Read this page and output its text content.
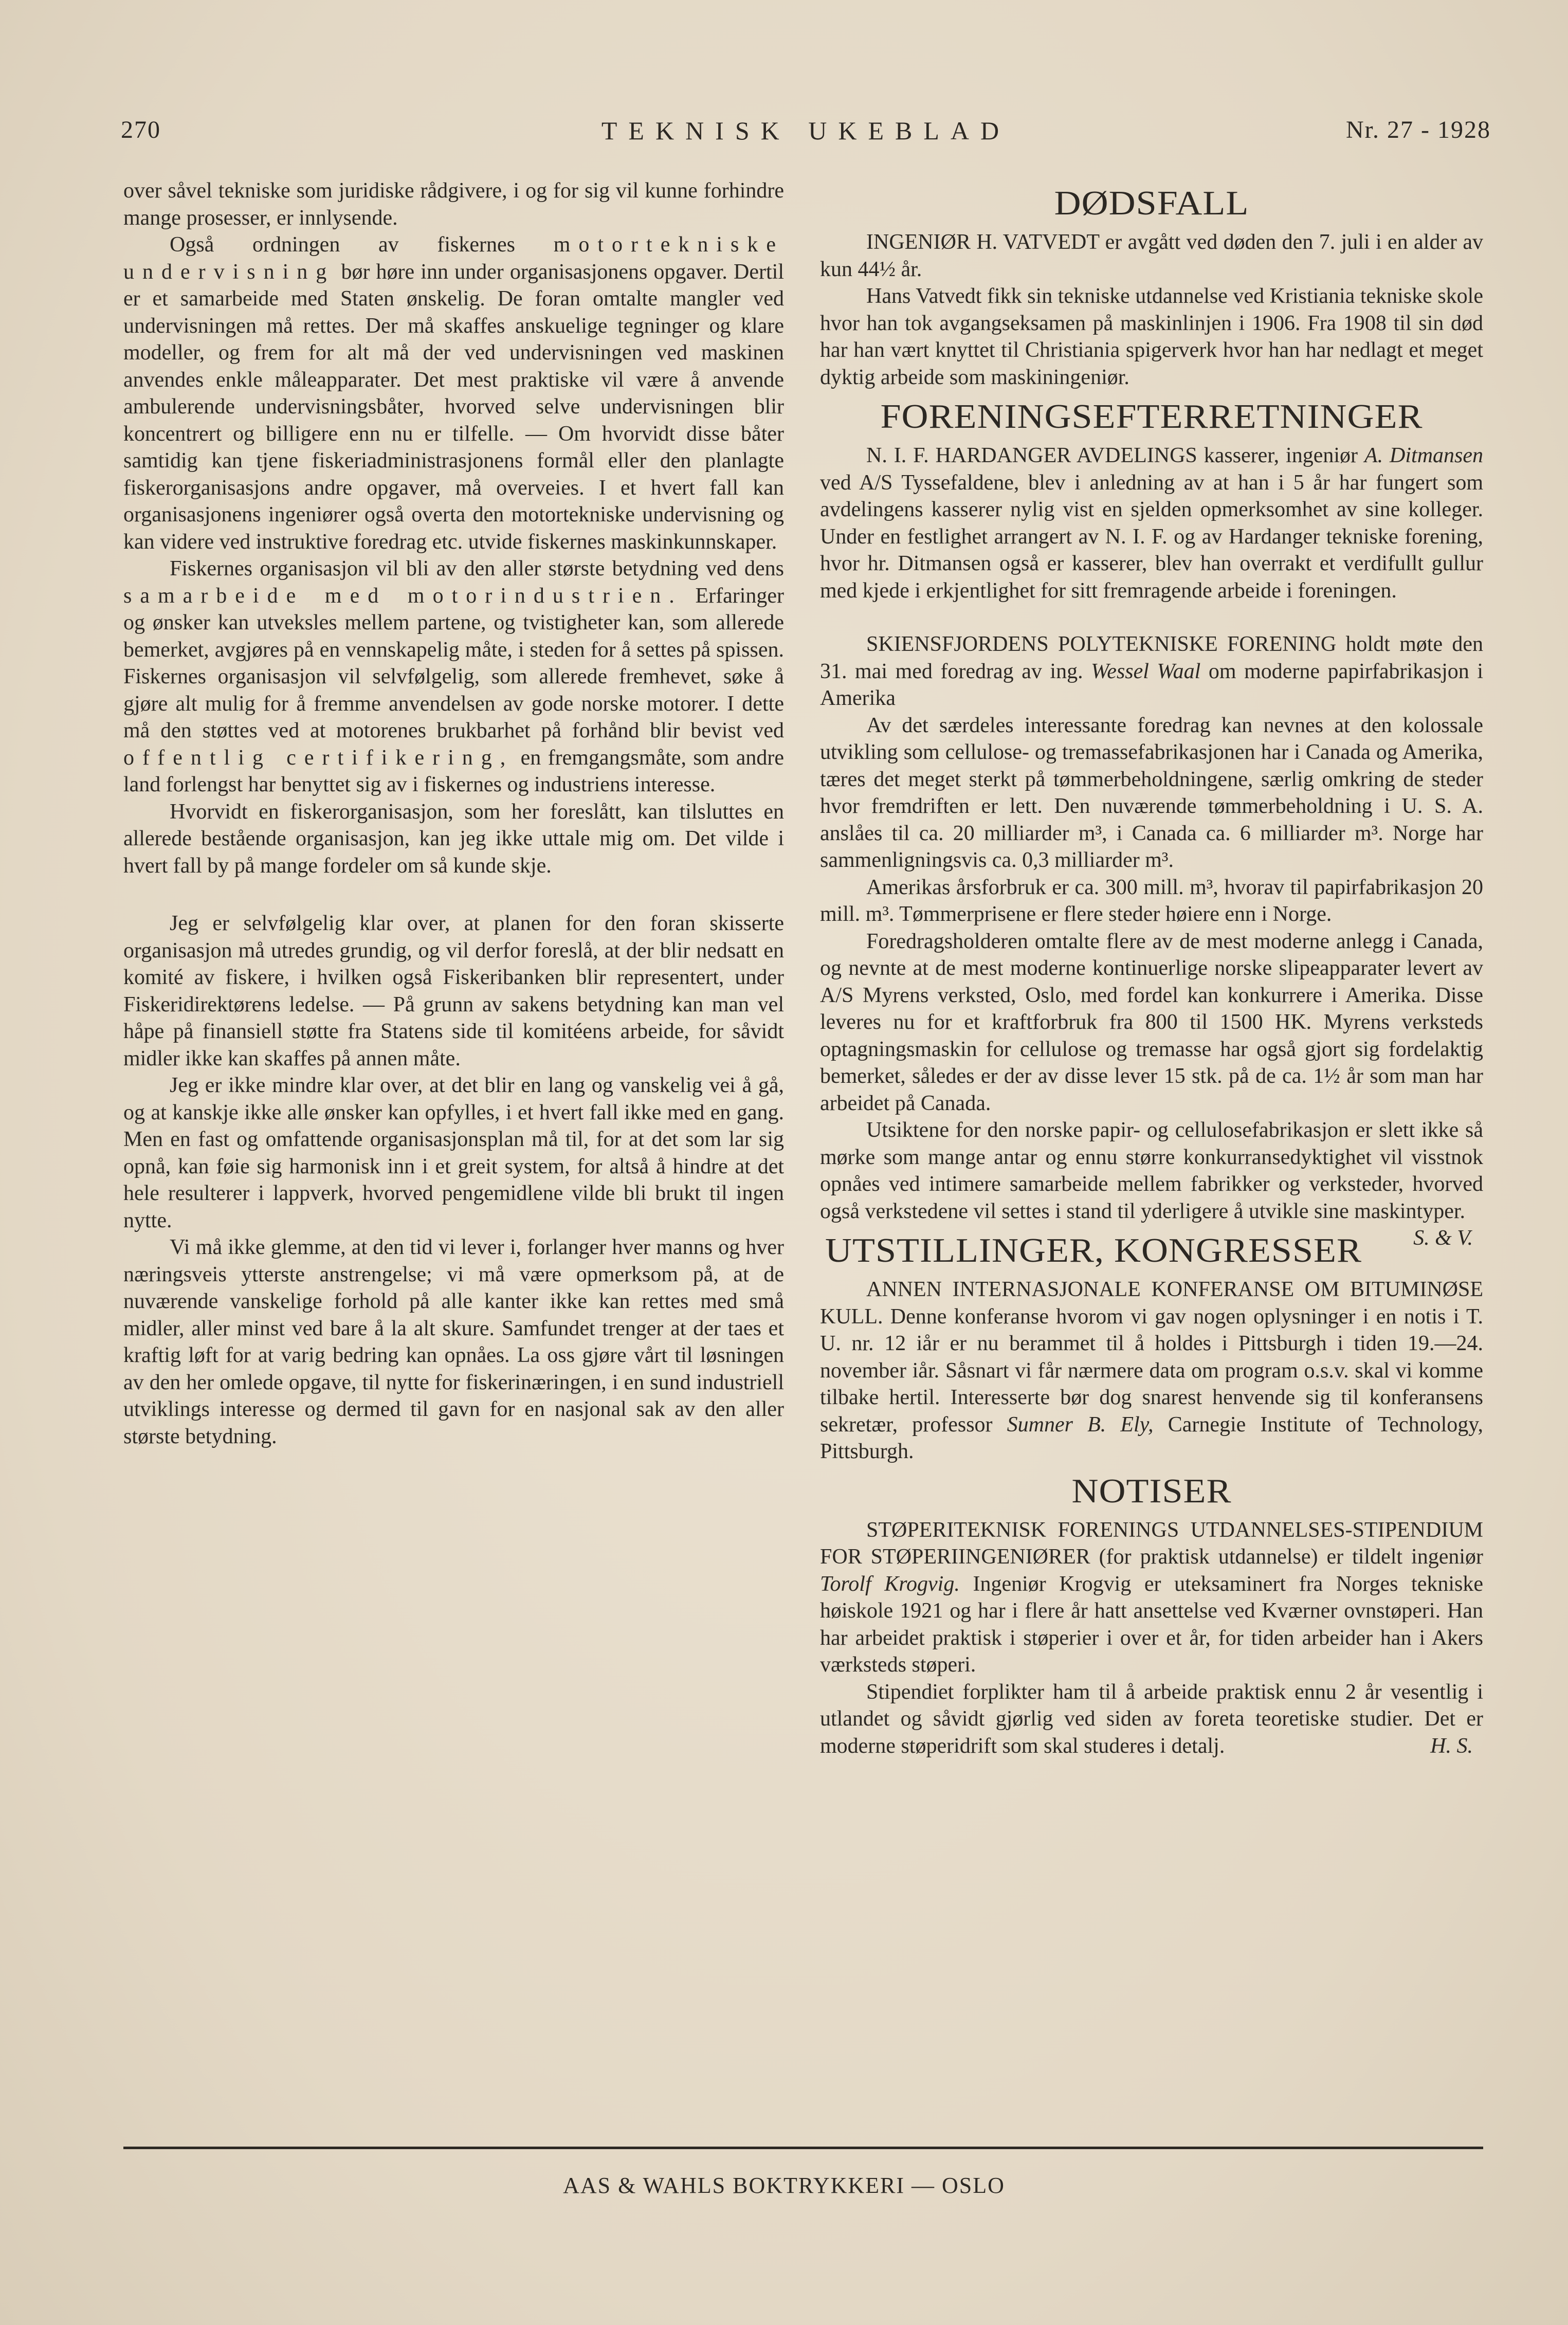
270	TEKNISK UKEBLAD	Nr. 27 - 1928

over såvel tekniske som juridiske rådgivere, i og for sig vil kunne forhindre mange prosesser, er innlysende.

Også ordningen av fiskernes motortekniske undervisning bør høre inn under organisasjonens opgaver. Dertil er et samarbeide med Staten ønskelig. De foran omtalte mangler ved undervisningen må rettes. Der må skaffes anskuelige tegninger og klare modeller, og frem for alt må der ved undervisningen ved maskinen anvendes enkle måleapparater. Det mest praktiske vil være å anvende ambulerende undervisningsbåter, hvorved selve undervisningen blir koncentrert og billigere enn nu er tilfelle. — Om hvorvidt disse båter samtidig kan tjene fiskeriadministrasjonens formål eller den planlagte fiskerorganisasjons andre opgaver, må overveies. I et hvert fall kan organisasjonens ingeniører også overta den motortekniske undervisning og kan videre ved instruktive foredrag etc. utvide fiskernes maskinkunnskaper.

Fiskernes organisasjon vil bli av den aller største betydning ved dens samarbeide med motorindustrien. Erfaringer og ønsker kan utveksles mellem partene, og tvistigheter kan, som allerede bemerket, avgjøres på en vennskapelig måte, i steden for å settes på spissen. Fiskernes organisasjon vil selvfølgelig, som allerede fremhevet, søke å gjøre alt mulig for å fremme anvendelsen av gode norske motorer. I dette må den støttes ved at motorenes brukbarhet på forhånd blir bevist ved offentlig certifikering, en fremgangsmåte, som andre land forlengst har benyttet sig av i fiskernes og industriens interesse.

Hvorvidt en fiskerorganisasjon, som her foreslått, kan tilsluttes en allerede bestående organisasjon, kan jeg ikke uttale mig om. Det vilde i hvert fall by på mange fordeler om så kunde skje.

Jeg er selvfølgelig klar over, at planen for den foran skisserte organisasjon må utredes grundig, og vil derfor foreslå, at der blir nedsatt en komité av fiskere, i hvilken også Fiskeribanken blir representert, under Fiskeridirektørens ledelse. — På grunn av sakens betydning kan man vel håpe på finansiell støtte fra Statens side til komitéens arbeide, for såvidt midler ikke kan skaffes på annen måte.

Jeg er ikke mindre klar over, at det blir en lang og vanskelig vei å gå, og at kanskje ikke alle ønsker kan opfylles, i et hvert fall ikke med en gang. Men en fast og omfattende organisasjonsplan må til, for at det som lar sig opnå, kan føie sig harmonisk inn i et greit system, for altså å hindre at det hele resulterer i lappverk, hvorved pengemidlene vilde bli brukt til ingen nytte.

Vi må ikke glemme, at den tid vi lever i, forlanger hver manns og hver næringsveis ytterste anstrengelse; vi må være opmerksom på, at de nuværende vanskelige forhold på alle kanter ikke kan rettes med små midler, aller minst ved bare å la alt skure. Samfundet trenger at der taes et kraftig løft for at varig bedring kan opnåes. La oss gjøre vårt til løsningen av den her omlede opgave, til nytte for fiskerinæringen, i en sund industriell utviklings interesse og dermed til gavn for en nasjonal sak av den aller største betydning.

DØDSFALL

INGENIØR H. VATVEDT er avgått ved døden den 7. juli i en alder av kun 44½ år.

Hans Vatvedt fikk sin tekniske utdannelse ved Kristiania tekniske skole hvor han tok avgangseksamen på maskinlinjen i 1906. Fra 1908 til sin død har han vært knyttet til Christiania spigerverk hvor han har nedlagt et meget dyktig arbeide som maskiningeniør.

FORENINGSEFTERRETNINGER

N. I. F. HARDANGER AVDELINGS kasserer, ingeniør A. Ditmansen ved A/S Tyssefaldene, blev i anledning av at han i 5 år har fungert som avdelingens kasserer nylig vist en sjelden opmerksomhet av sine kolleger. Under en festlighet arrangert av N. I. F. og av Hardanger tekniske forening, hvor hr. Ditmansen også er kasserer, blev han overrakt et verdifullt gullur med kjede i erkjentlighet for sitt fremragende arbeide i foreningen.

SKIENSFJORDENS POLYTEKNISKE FORENING holdt møte den 31. mai med foredrag av ing. Wessel Waal om moderne papirfabrikasjon i Amerika

Av det særdeles interessante foredrag kan nevnes at den kolossale utvikling som cellulose- og tremassefabrikasjonen har i Canada og Amerika, tæres det meget sterkt på tømmerbeholdningene, særlig omkring de steder hvor fremdriften er lett. Den nuværende tømmerbeholdning i U. S. A. anslåes til ca. 20 milliarder m³, i Canada ca. 6 milliarder m³. Norge har sammenligningsvis ca. 0,3 milliarder m³.

Amerikas årsforbruk er ca. 300 mill. m³, hvorav til papirfabrikasjon 20 mill. m³. Tømmerprisene er flere steder høiere enn i Norge.

Foredragsholderen omtalte flere av de mest moderne anlegg i Canada, og nevnte at de mest moderne kontinuerlige norske slipeapparater levert av A/S Myrens verksted, Oslo, med fordel kan konkurrere i Amerika. Disse leveres nu for et kraftforbruk fra 800 til 1500 HK. Myrens verksteds optagningsmaskin for cellulose og tremasse har også gjort sig fordelaktig bemerket, således er der av disse lever 15 stk. på de ca. 1½ år som man har arbeidet på Canada.

Utsiktene for den norske papir- og cellulosefabrikasjon er slett ikke så mørke som mange antar og ennu større konkurransedyktighet vil visstnok opnåes ved intimere samarbeide mellem fabrikker og verksteder, hvorved også verkstedene vil settes i stand til yderligere å utvikle sine maskintyper.
S. & V.

UTSTILLINGER, KONGRESSER

ANNEN INTERNASJONALE KONFERANSE OM BITUMINØSE KULL. Denne konferanse hvorom vi gav nogen oplysninger i en notis i T. U. nr. 12 iår er nu berammet til å holdes i Pittsburgh i tiden 19.—24. november iår. Såsnart vi får nærmere data om program o.s.v. skal vi komme tilbake hertil. Interesserte bør dog snarest henvende sig til konferansens sekretær, professor Sumner B. Ely, Carnegie Institute of Technology, Pittsburgh.

NOTISER

STØPERITEKNISK FORENINGS UTDANNELSES-STIPENDIUM FOR STØPERIINGENIØRER (for praktisk utdannelse) er tildelt ingeniør Torolf Krogvig. Ingeniør Krogvig er uteksaminert fra Norges tekniske høiskole 1921 og har i flere år hatt ansettelse ved Kværner ovnstøperi. Han har arbeidet praktisk i støperier i over et år, for tiden arbeider han i Akers værksteds støperi.

Stipendiet forplikter ham til å arbeide praktisk ennu 2 år vesentlig i utlandet og såvidt gjørlig ved siden av foreta teoretiske studier. Det er moderne støperidrift som skal studeres i detalj.	H. S.

AAS & WAHLS BOKTRYKKERI — OSLO
